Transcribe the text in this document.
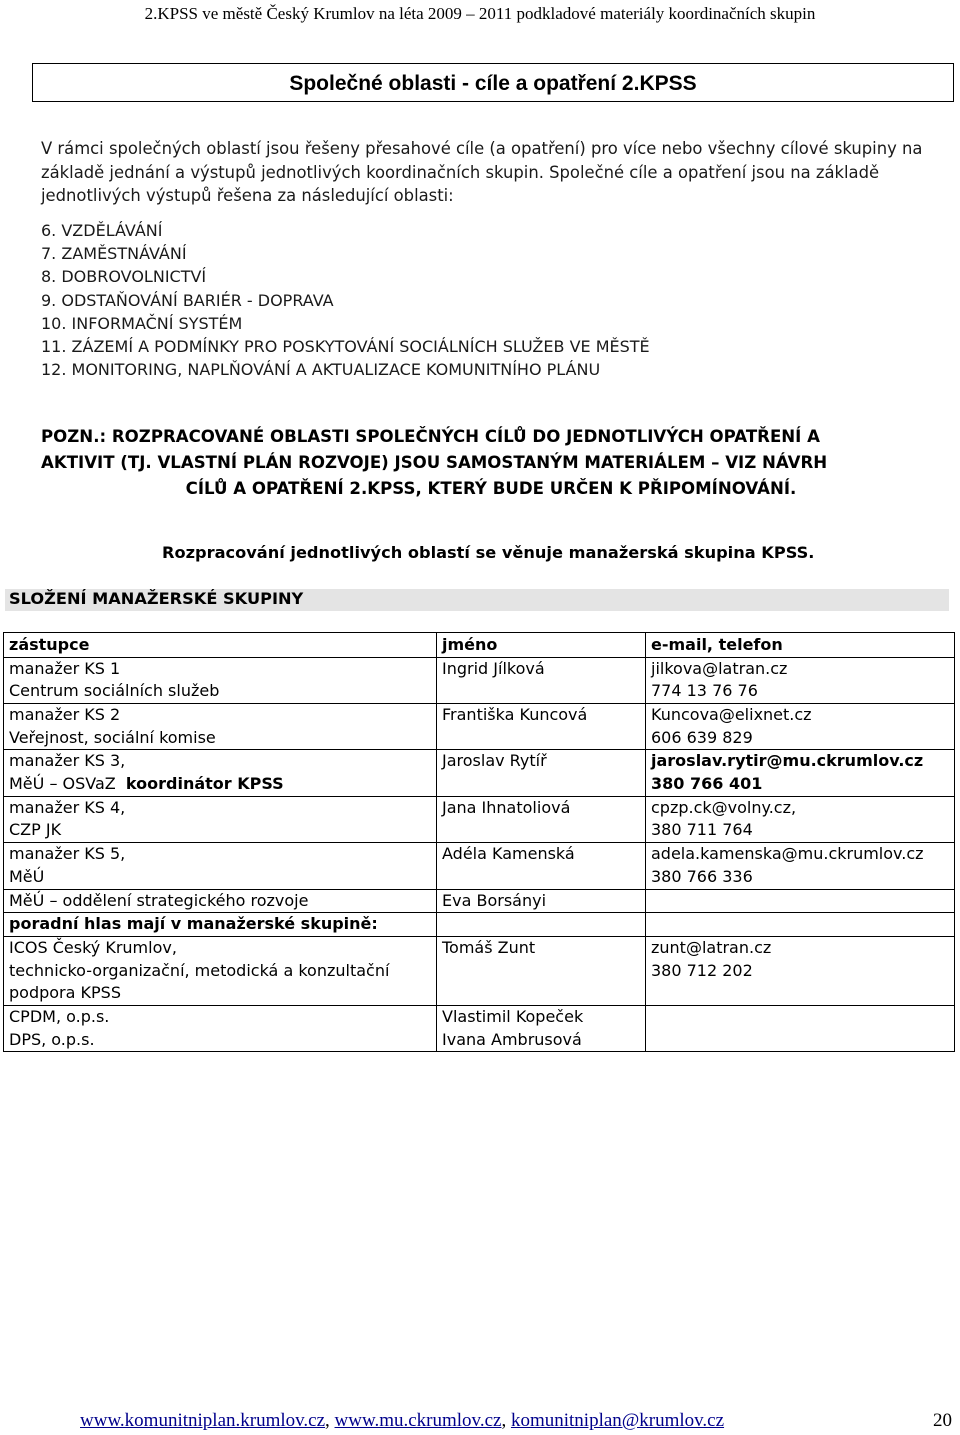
2.KPSS ve městě Český Krumlov na léta 2009 – 2011 podkladové materiály koordinačních skupin
Společné oblasti - cíle a opatření 2.KPSS
V rámci společných oblastí jsou řešeny přesahové cíle (a opatření) pro více nebo všechny cílové skupiny na
základě jednání a výstupů jednotlivých koordinačních skupin. Společné cíle a opatření jsou na základě
jednotlivých výstupů řešena za následující oblasti:
6. VZDĚLÁVÁNÍ
7. ZAMĚSTNÁVÁNÍ
8. DOBROVOLNICTVÍ
9. ODSTAŇOVÁNÍ BARIÉR - DOPRAVA
10. INFORMAČNÍ SYSTÉM
11. ZÁZEMÍ A PODMÍNKY PRO POSKYTOVÁNÍ SOCIÁLNÍCH SLUŽEB VE MĚSTĚ
12. MONITORING, NAPLŇOVÁNÍ A AKTUALIZACE KOMUNITNÍHO PLÁNU
POZN.: ROZPRACOVANÉ OBLASTI SPOLEČNÝCH CÍLŮ DO JEDNOTLIVÝCH OPATŘENÍ A
AKTIVIT (TJ. VLASTNÍ PLÁN ROZVOJE) JSOU SAMOSTANÝM MATERIÁLEM – VIZ NÁVRH
CÍLŮ A OPATŘENÍ 2.KPSS, KTERÝ BUDE URČEN K PŘIPOMÍNOVÁNÍ.
Rozpracování jednotlivých oblastí se věnuje manažerská skupina KPSS.
SLOŽENÍ MANAŽERSKÉ SKUPINY
zástupce	jméno	e-mail, telefon

manažer KS 1
Centrum sociálních služeb	Ingrid Jílková	jilkova@latran.cz
774 13 76 76

manažer KS 2
Veřejnost, sociální komise	Františka Kuncová	Kuncova@elixnet.cz
606 639 829

manažer KS 3,
MěÚ – OSVaZ koordinátor KPSS	Jaroslav Rytíř	jaroslav.rytir@mu.ckrumlov.cz
380 766 401

manažer KS 4,
CZP JK	Jana Ihnatoliová	cpzp.ck@volny.cz,
380 711 764

manažer KS 5,
MěÚ	Adéla Kamenská	adela.kamenska@mu.ckrumlov.cz
380 766 336

MěÚ – oddělení strategického rozvoje	Eva Borsányi	
poradní hlas mají v manažerské skupině:		

ICOS Český Krumlov,
technicko-organizační, metodická a konzultační
podpora KPSS	Tomáš Zunt	zunt@latran.cz
380 712 202

CPDM, o.p.s.
DPS, o.p.s.	Vlastimil Kopeček
Ivana Ambrusová	

www.komunitniplan.krumlov.cz, www.mu.ckrumlov.cz, komunitniplan@krumlov.cz	20
